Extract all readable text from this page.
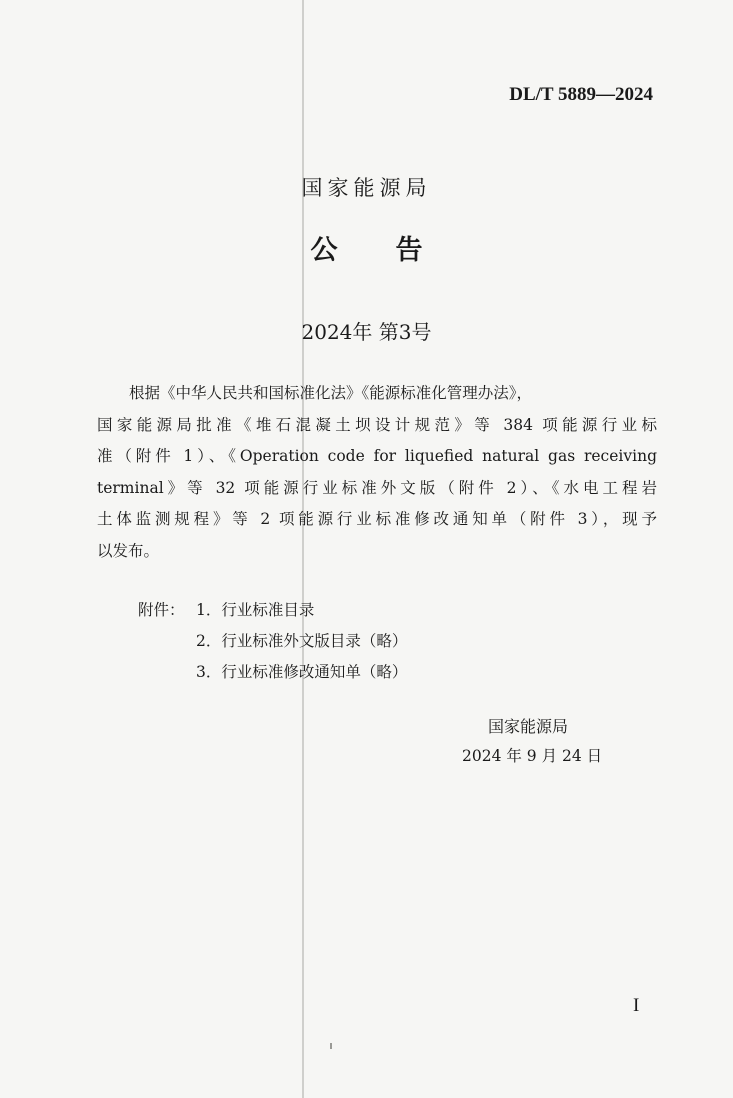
DL/T 5889—2024
国家能源局
公告
2024年 第3号
根据《中华人民共和国标准化法》《能源标准化管理办法》，
国家能源局批准《堆石混凝土坝设计规范》等 384 项能源行业标
准（附件 1）、《Operation code for liquefied natural gas receiving
terminal》等 32 项能源行业标准外文版（附件 2）、《水电工程岩
土体监测规程》等 2 项能源行业标准修改通知单（附件 3），现予
以发布。
附件： 1．行业标准目录
2．行业标准外文版目录（略）
3．行业标准修改通知单（略）
国家能源局
2024 年 9 月 24 日
I
